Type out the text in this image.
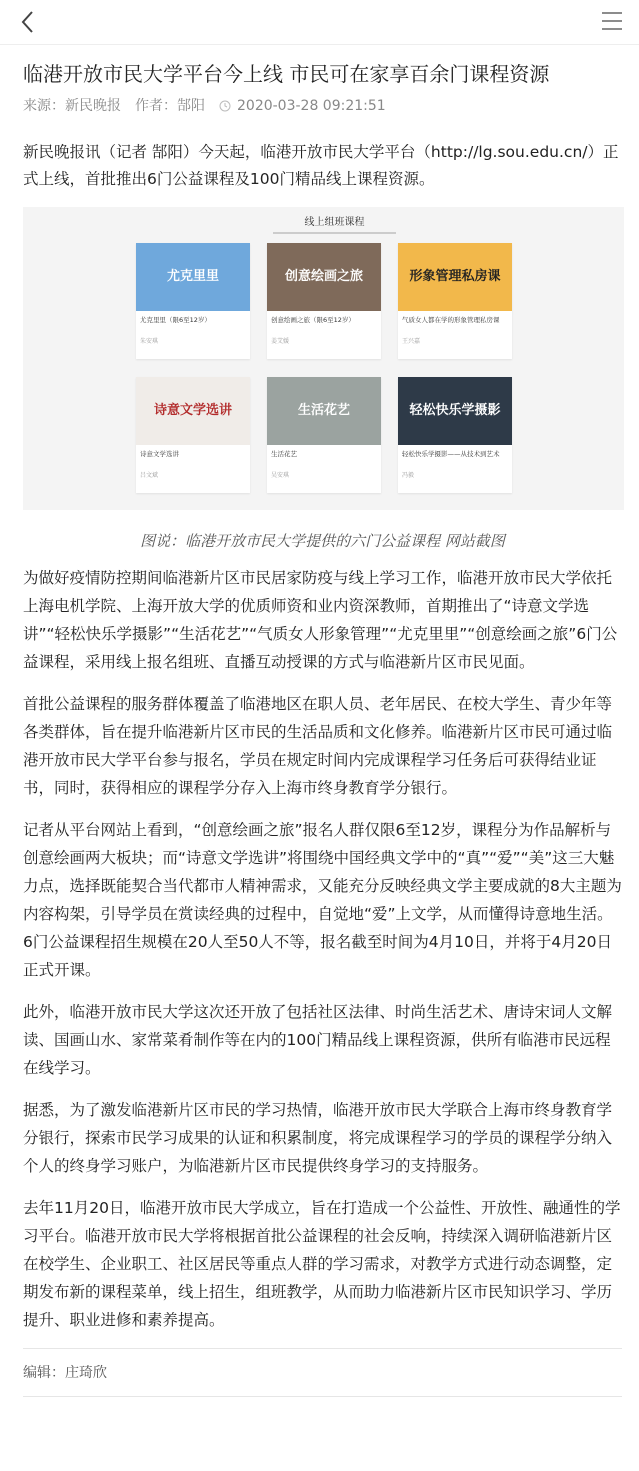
临港开放市民大学平台今上线 市民可在家享百余门课程资源
来源：新民晚报 作者：郜阳 2020-03-28 09:21:51

新民晚报讯（记者 郜阳）今天起，临港开放市民大学平台（http://lg.sou.edu.cn/）正式上线，首批推出6门公益课程及100门精品线上课程资源。

线上组班课程
尤克里里
尤克里里（限6至12岁）
朱安琪
创意绘画之旅
创意绘画之旅（限6至12岁）
姜艾媛
形象管理私房课
气质女人都在学的形象管理私房课
王兴嘉
诗意文学选讲
诗意文学选讲
吕文斌
生活花艺
生活花艺
吴安琪
轻松快乐学摄影
轻松快乐学摄影——从技术到艺术
冯毅
图说：临港开放市民大学提供的六门公益课程 网站截图

为做好疫情防控期间临港新片区市民居家防疫与线上学习工作，临港开放市民大学依托上海电机学院、上海开放大学的优质师资和业内资深教师，首期推出了“诗意文学选讲”“轻松快乐学摄影”“生活花艺”“气质女人形象管理”“尤克里里”“创意绘画之旅”6门公益课程，采用线上报名组班、直播互动授课的方式与临港新片区市民见面。

首批公益课程的服务群体覆盖了临港地区在职人员、老年居民、在校大学生、青少年等各类群体，旨在提升临港新片区市民的生活品质和文化修养。临港新片区市民可通过临港开放市民大学平台参与报名，学员在规定时间内完成课程学习任务后可获得结业证书，同时，获得相应的课程学分存入上海市终身教育学分银行。

记者从平台网站上看到，“创意绘画之旅”报名人群仅限6至12岁，课程分为作品解析与创意绘画两大板块；而“诗意文学选讲”将围绕中国经典文学中的“真”“爱”“美”这三大魅力点，选择既能契合当代都市人精神需求，又能充分反映经典文学主要成就的8大主题为内容构架，引导学员在赏读经典的过程中，自觉地“爱”上文学，从而懂得诗意地生活。6门公益课程招生规模在20人至50人不等，报名截至时间为4月10日，并将于4月20日正式开课。

此外，临港开放市民大学这次还开放了包括社区法律、时尚生活艺术、唐诗宋词人文解读、国画山水、家常菜肴制作等在内的100门精品线上课程资源，供所有临港市民远程在线学习。

据悉，为了激发临港新片区市民的学习热情，临港开放市民大学联合上海市终身教育学分银行，探索市民学习成果的认证和积累制度，将完成课程学习的学员的课程学分纳入个人的终身学习账户，为临港新片区市民提供终身学习的支持服务。

去年11月20日，临港开放市民大学成立，旨在打造成一个公益性、开放性、融通性的学习平台。临港开放市民大学将根据首批公益课程的社会反响，持续深入调研临港新片区在校学生、企业职工、社区居民等重点人群的学习需求，对教学方式进行动态调整，定期发布新的课程菜单，线上招生，组班教学，从而助力临港新片区市民知识学习、学历提升、职业进修和素养提高。

编辑：庄琦欣
